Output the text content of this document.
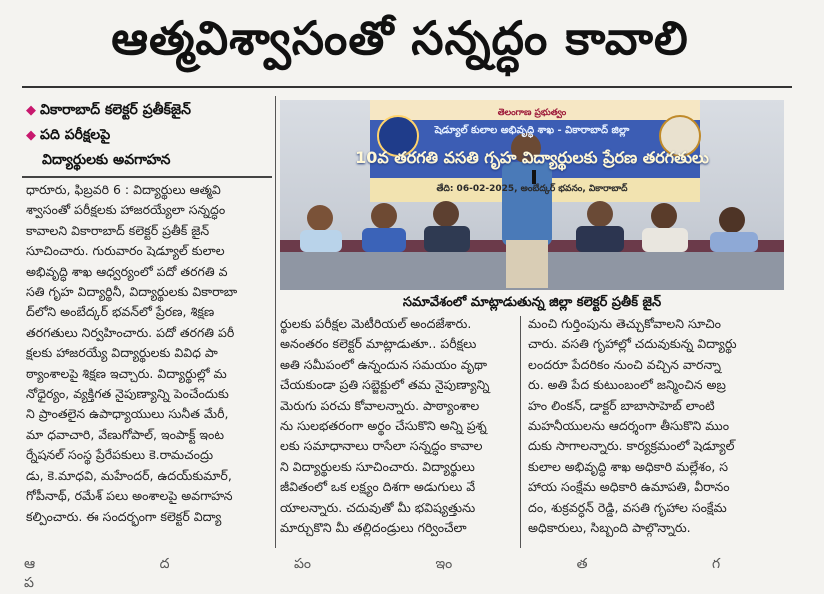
ఆత్మవిశ్వాసంతో సన్నద్ధం కావాలి
◆ వికారాబాద్ కలెక్టర్ ప్రతీక్‌జైన్
◆ పది పరీక్షలపై
విద్యార్థులకు అవగాహన

ధారూరు, ఫిబ్రవరి 6 : విద్యార్థులు ఆత్మవి

శ్వాసంతో పరీక్షలకు హాజరయ్యేలా సన్నద్ధం

కావాలని వికారాబాద్ కలెక్టర్ ప్రతీక్ జైన్

సూచించారు. గురువారం షెడ్యూల్ కులాల

అభివృద్ధి శాఖ ఆధ్వర్యంలో పదో తరగతి వ

సతి గృహ విద్యార్థినీ, విద్యార్థులకు వికారాబా

ద్‌లోని అంబేద్కర్ భవన్‌లో ప్రేరణ, శిక్షణ

తరగతులు నిర్వహించారు. పదో తరగతి పరీ

క్షలకు హాజరయ్యే విద్యార్థులకు వివిధ పా

ఠ్యాంశాలపై శిక్షణ ఇచ్చారు. విద్యార్థుల్లో మ

నోధైర్యం, వ్యక్తిగత నైపుణ్యాన్ని పెంచేందుకు

ని ప్రాంతలైన ఉపాధ్యాయులు సునీత మేరీ,

మా ధవాచారి, వేణుగోపాల్, ఇంపాక్ట్ ఇంట

ర్నేషనల్ సంస్థ ప్రేరేపకులు కె.రామచంద్రు

డు, కె.మాధవి, మహేందర్, ఉదయ్‌కుమార్,

గోపీనాథ్, రమేశ్ పలు అంశాలపై అవగాహన

కల్పించారు. ఈ సందర్భంగా కలెక్టర్ విద్యా

తెలంగాణ ప్రభుత్వం
షెడ్యూల్ కులాల అభివృద్ధి శాఖ - వికారాబాద్ జిల్లా
10వ తరగతి వసతి గృహ విద్యార్థులకు ప్రేరణ తరగతులు
తేది: 06-02-2025, అంబేద్కర్ భవనం, వికారాబాద్
సమావేశంలో మాట్లాడుతున్న జిల్లా కలెక్టర్ ప్రతీక్ జైన్

ర్థులకు పరీక్షల మెటీరియల్ అందజేశారు.

అనంతరం కలెక్టర్ మాట్లాడుతూ.. పరీక్షలు

అతి సమీపంలో ఉన్నందున సమయం వృథా

చేయకుండా ప్రతి సబ్జెక్టులో తమ నైపుణ్యాన్ని

మెరుగు పరచు కోవాలన్నారు. పాఠ్యాంశాల

ను సులభతరంగా అర్థం చేసుకొని అన్ని ప్రశ్న

లకు సమాధానాలు రాసేలా సన్నద్ధం కావాల

ని విద్యార్థులకు సూచించారు. విద్యార్థులు

జీవితంలో ఒక లక్ష్యం దిశగా అడుగులు వే

యాలన్నారు. చదువుతో మీ భవిష్యత్తును

మార్చుకొని మీ తల్లిదండ్రులు గర్వించేలా

మంచి గుర్తింపును తెచ్చుకోవాలని సూచిం

చారు. వసతి గృహాల్లో చదువుకున్న విద్యార్థు

లందరూ పేదరికం నుంచి వచ్చిన వారన్నా

రు. అతి పేద కుటుంబంలో జన్మించిన అబ్ర

హం లింకన్, డాక్టర్ బాబాసాహెబ్ లాంటి

మహనీయులను ఆదర్శంగా తీసుకొని ముం

దుకు సాగాలన్నారు. కార్యక్రమంలో షెడ్యూల్

కులాల అభివృద్ధి శాఖ అధికారి మల్లేశం, స

హాయ సంక్షేమ అధికారి ఉమాపతి, వీరానం

దం, శుక్రవర్ధన్ రెడ్డి, వసతి గృహాల సంక్షేమ

అధికారులు, సిబ్బంది పాల్గొన్నారు.

ఆ ద పం ఇం త గ ప
